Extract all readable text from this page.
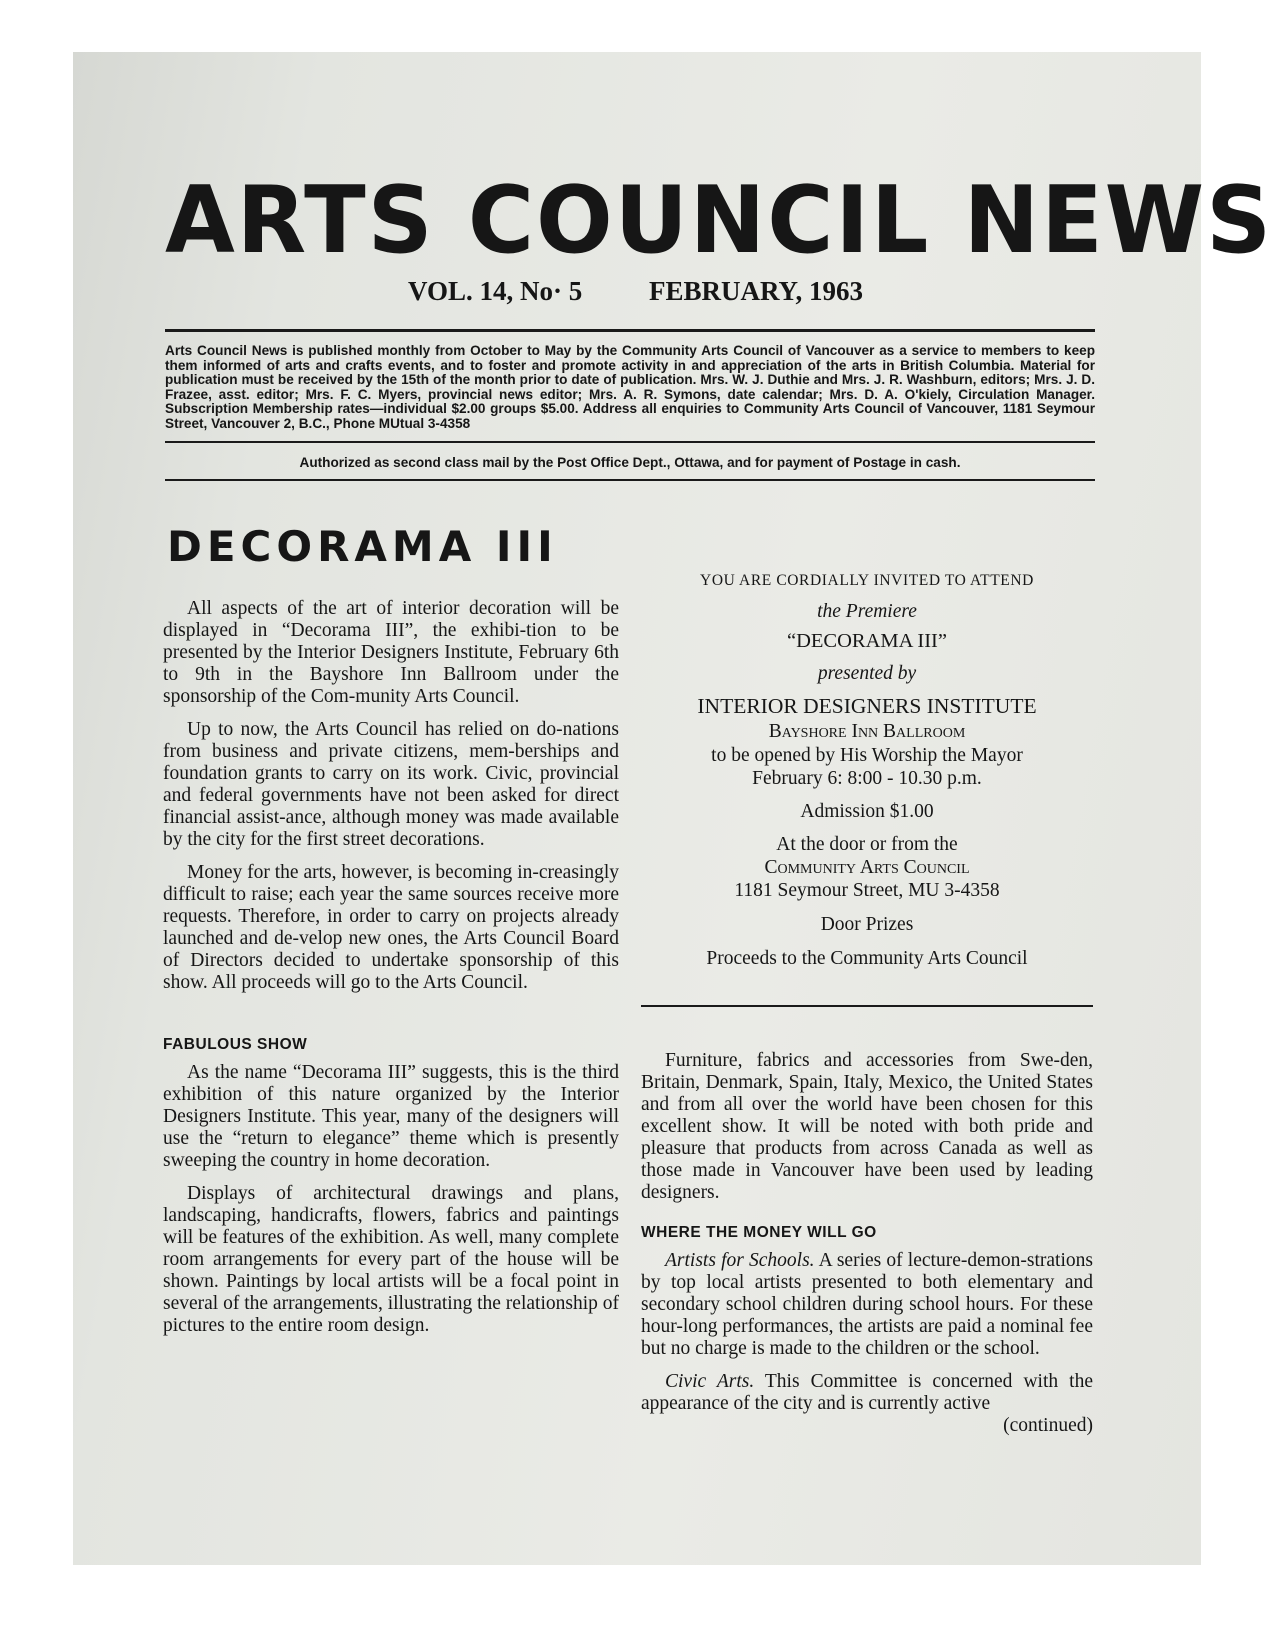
ARTS COUNCIL NEWS
VOL. 14, No· 5 FEBRUARY, 1963

Arts Council News is published monthly from October to May by the Community Arts Council of Vancouver as a service to members to keep them informed of arts and crafts events, and to foster and promote activity in and appreciation of the arts in British Columbia. Material for publication must be received by the 15th of the month prior to date of publication. Mrs. W. J. Duthie and Mrs. J. R. Washburn, editors; Mrs. J. D. Frazee, asst. editor; Mrs. F. C. Myers, provincial news editor; Mrs. A. R. Symons, date calendar; Mrs. D. A. O'kiely, Circulation Manager. Subscription Membership rates—individual $2.00 groups $5.00. Address all enquiries to Community Arts Council of Vancouver, 1181 Seymour Street, Vancouver 2, B.C., Phone MUtual 3-4358

Authorized as second class mail by the Post Office Dept., Ottawa, and for payment of Postage in cash.
DECORAMA III

All aspects of the art of interior decoration will be displayed in “Decorama III”, the exhibi-tion to be presented by the Interior Designers Institute, February 6th to 9th in the Bayshore Inn Ballroom under the sponsorship of the Com-munity Arts Council.

Up to now, the Arts Council has relied on do-nations from business and private citizens, mem-berships and foundation grants to carry on its work. Civic, provincial and federal governments have not been asked for direct financial assist-ance, although money was made available by the city for the first street decorations.

Money for the arts, however, is becoming in-creasingly difficult to raise; each year the same sources receive more requests. Therefore, in order to carry on projects already launched and de-velop new ones, the Arts Council Board of Directors decided to undertake sponsorship of this show. All proceeds will go to the Arts Council.

FABULOUS SHOW

As the name “Decorama III” suggests, this is the third exhibition of this nature organized by the Interior Designers Institute. This year, many of the designers will use the “return to elegance” theme which is presently sweeping the country in home decoration.

Displays of architectural drawings and plans, landscaping, handicrafts, flowers, fabrics and paintings will be features of the exhibition. As well, many complete room arrangements for every part of the house will be shown. Paintings by local artists will be a focal point in several of the arrangements, illustrating the relationship of pictures to the entire room design.

YOU ARE CORDIALLY INVITED TO ATTEND
the Premiere
“DECORAMA III”
presented by
INTERIOR DESIGNERS INSTITUTE
Bayshore Inn Ballroom
to be opened by His Worship the Mayor
February 6: 8:00 - 10.30 p.m.
Admission $1.00
At the door or from the
Community Arts Council
1181 Seymour Street, MU 3-4358
Door Prizes
Proceeds to the Community Arts Council

Furniture, fabrics and accessories from Swe-den, Britain, Denmark, Spain, Italy, Mexico, the United States and from all over the world have been chosen for this excellent show. It will be noted with both pride and pleasure that products from across Canada as well as those made in Vancouver have been used by leading designers.

WHERE THE MONEY WILL GO

Artists for Schools. A series of lecture-demon-strations by top local artists presented to both elementary and secondary school children during school hours. For these hour-long performances, the artists are paid a nominal fee but no charge is made to the children or the school.

Civic Arts. This Committee is concerned with the appearance of the city and is currently active

(continued)
